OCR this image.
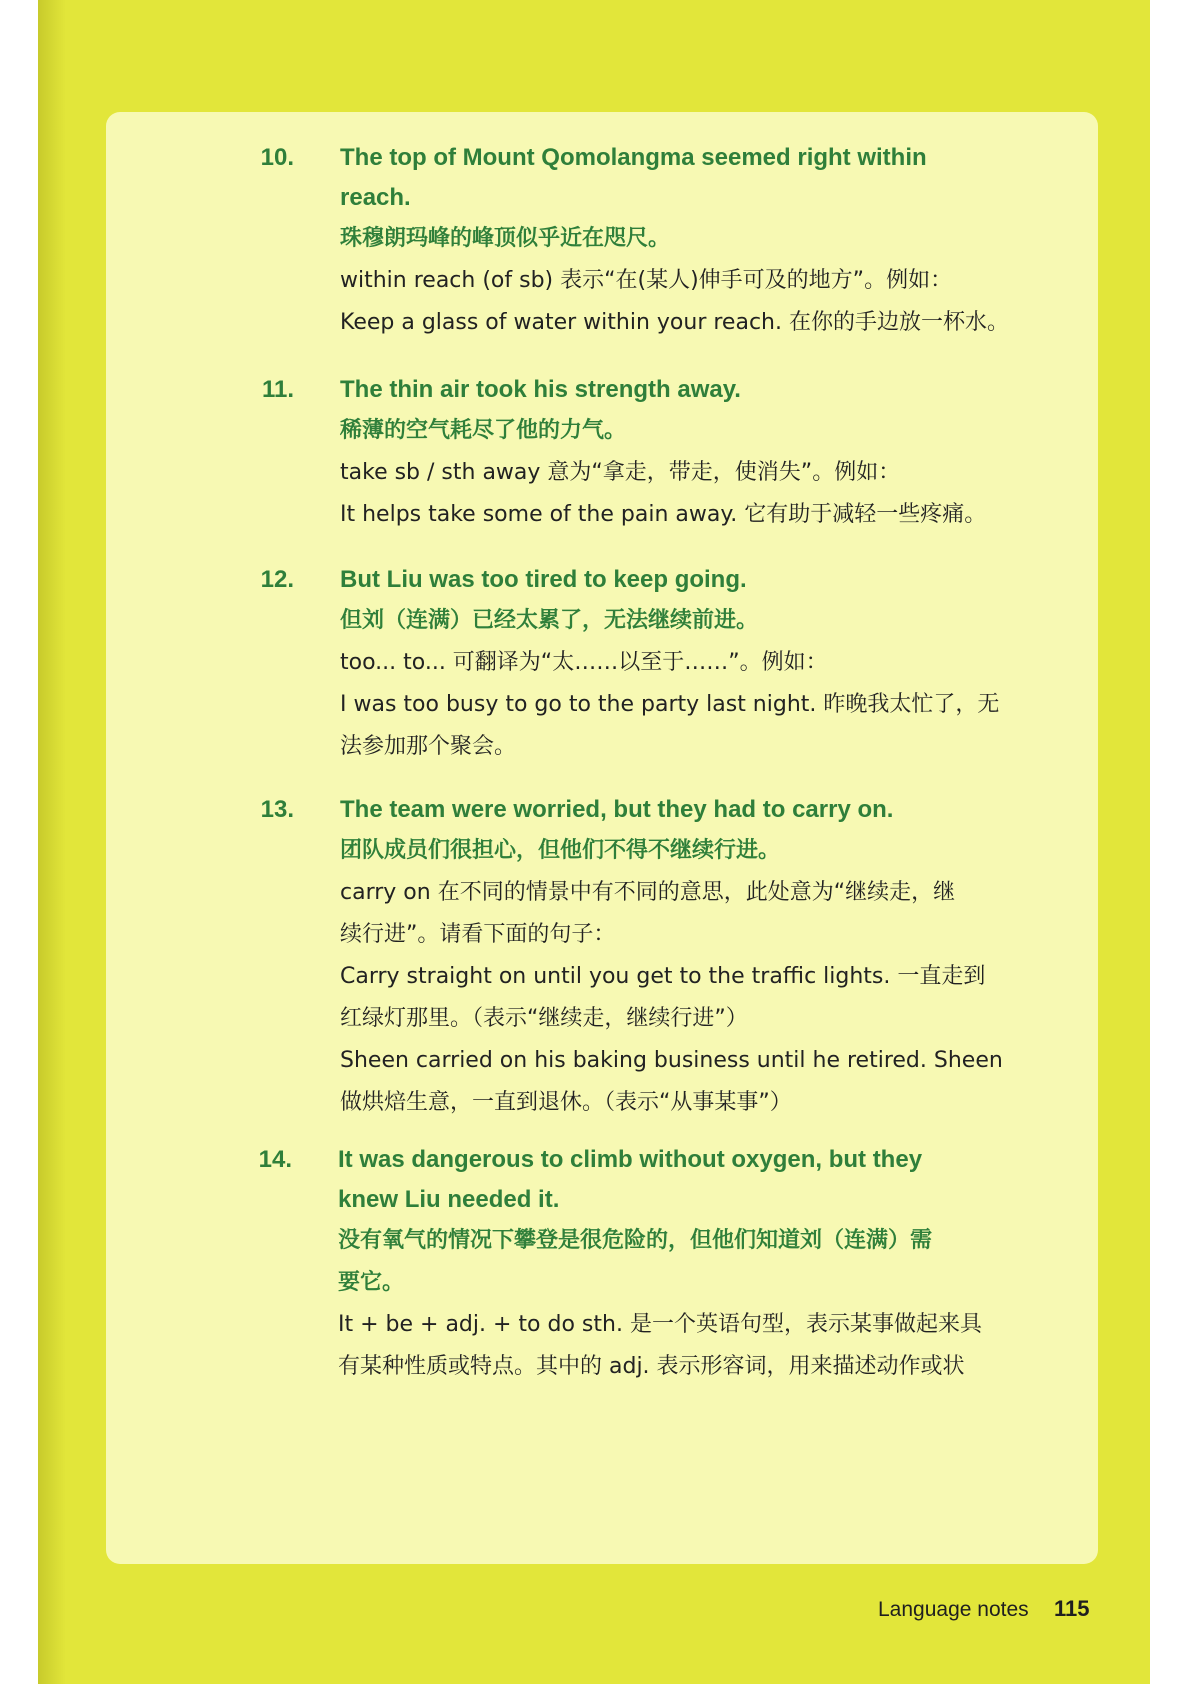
10. The top of Mount Qomolangma seemed right within
reach.
珠穆朗玛峰的峰顶似乎近在咫尺。
within reach (of sb) 表示“在(某人)伸手可及的地方”。例如：
Keep a glass of water within your reach. 在你的手边放一杯水。
11. The thin air took his strength away.
稀薄的空气耗尽了他的力气。
take sb / sth away 意为“拿走，带走，使消失”。例如：
It helps take some of the pain away. 它有助于减轻一些疼痛。
12. But Liu was too tired to keep going.
但刘（连满）已经太累了，无法继续前进。
too... to... 可翻译为“太……以至于……”。例如：
I was too busy to go to the party last night. 昨晚我太忙了，无
法参加那个聚会。
13. The team were worried, but they had to carry on.
团队成员们很担心，但他们不得不继续行进。
carry on 在不同的情景中有不同的意思，此处意为“继续走，继
续行进”。请看下面的句子：
Carry straight on until you get to the traffic lights. 一直走到
红绿灯那里。（表示“继续走，继续行进”）
Sheen carried on his baking business until he retired. Sheen
做烘焙生意，一直到退休。（表示“从事某事”）
14. It was dangerous to climb without oxygen, but they
knew Liu needed it.
没有氧气的情况下攀登是很危险的，但他们知道刘（连满）需
要它。
It + be + adj. + to do sth. 是一个英语句型，表示某事做起来具
有某种性质或特点。其中的 adj. 表示形容词，用来描述动作或状
Language notes 115
